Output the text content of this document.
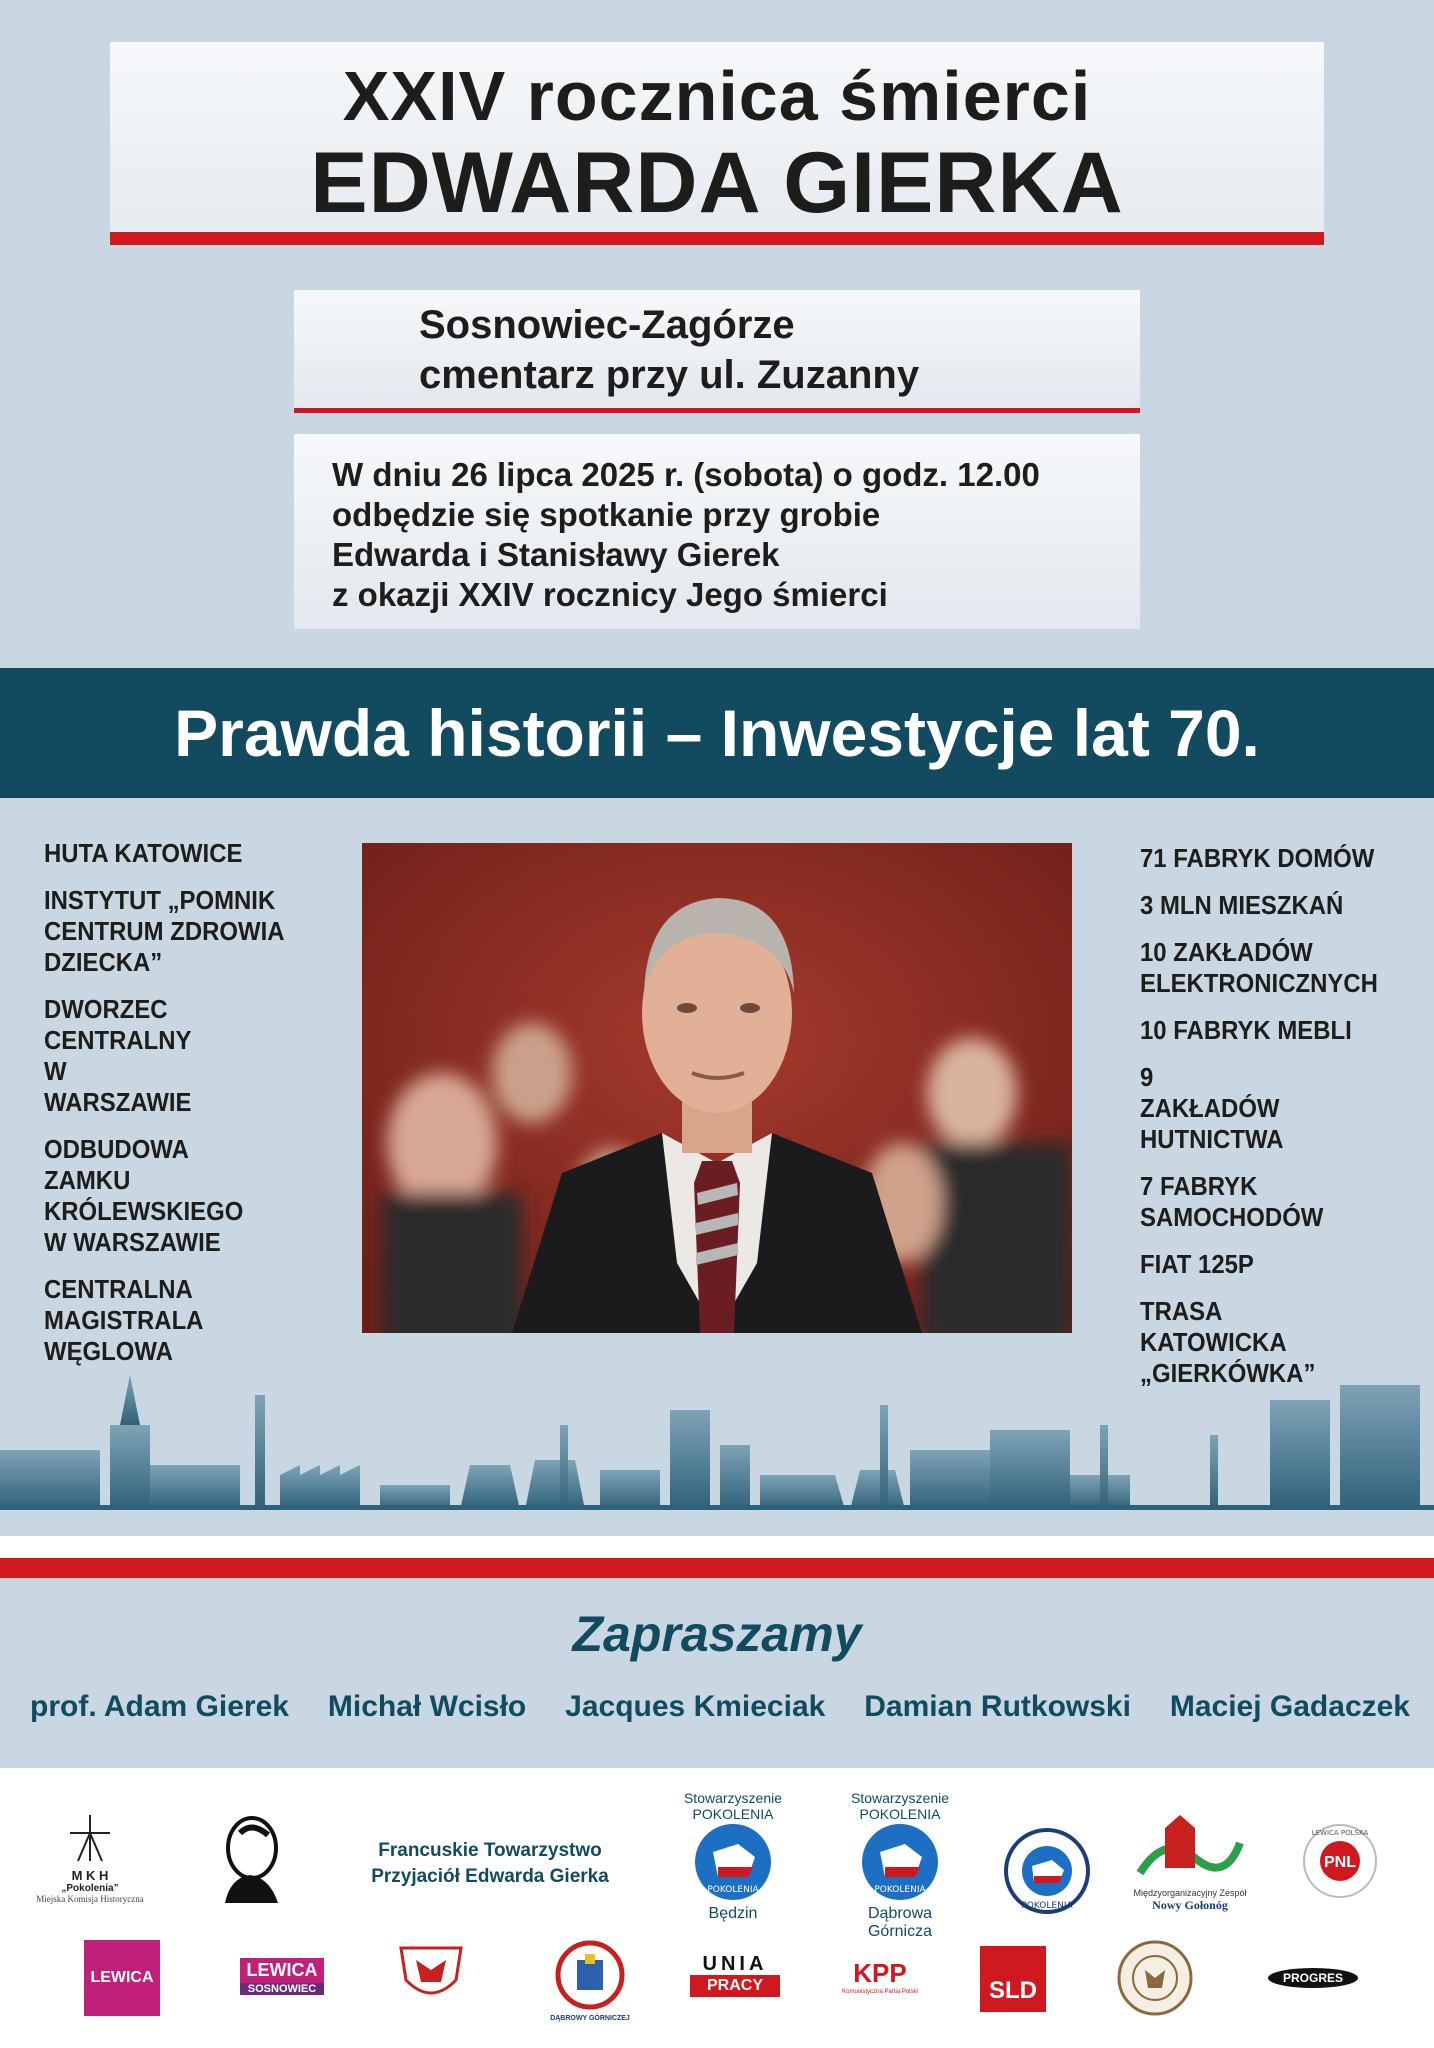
XXIV rocznica śmierci
EDWARDA GIERKA
Sosnowiec-Zagórze
cmentarz przy ul. Zuzanny
W dniu 26 lipca 2025 r. (sobota) o godz. 12.00
odbędzie się spotkanie przy grobie
Edwarda i Stanisławy Gierek
z okazji XXIV rocznicy Jego śmierci
Prawda historii – Inwestycje lat 70.
HUTA KATOWICE
INSTYTUT „POMNIK CENTRUM ZDROWIA DZIECKA”
DWORZEC CENTRALNY W WARSZAWIE
ODBUDOWA ZAMKU KRÓLEWSKIEGO W WARSZAWIE
CENTRALNA MAGISTRALA WĘGLOWA
71 FABRYK DOMÓW
3 MLN MIESZKAŃ
10 ZAKŁADÓW ELEKTRONICZNYCH
10 FABRYK MEBLI
9 ZAKŁADÓW HUTNICTWA
7 FABRYK SAMOCHODÓW
FIAT 125P
TRASA KATOWICKA „GIERKÓWKA”
Zapraszamy
prof. Adam Gierek Michał Wcisło Jacques Kmieciak Damian Rutkowski Maciej Gadaczek
M K H
„Pokolenia”
Miejska Komisja Historyczna
Francuskie Towarzystwo
Przyjaciół Edwarda Gierka
Stowarzyszenie
POKOLENIA
POKOLENIA
Będzin
Stowarzyszenie
POKOLENIA
POKOLENIA
Dąbrowa
Górnicza
POKOLENIA
Międzyorganizacyjny Zespół
Nowy Gołonóg
PNL
LEWICA POLSKA
LEWICA	LEWICA
SOSNOWIEC
DĄBROWY GÓRNICZEJ
UNIA
PRACY	KPP
Komunistyczna Partia Polski	SLD	PROGRES
